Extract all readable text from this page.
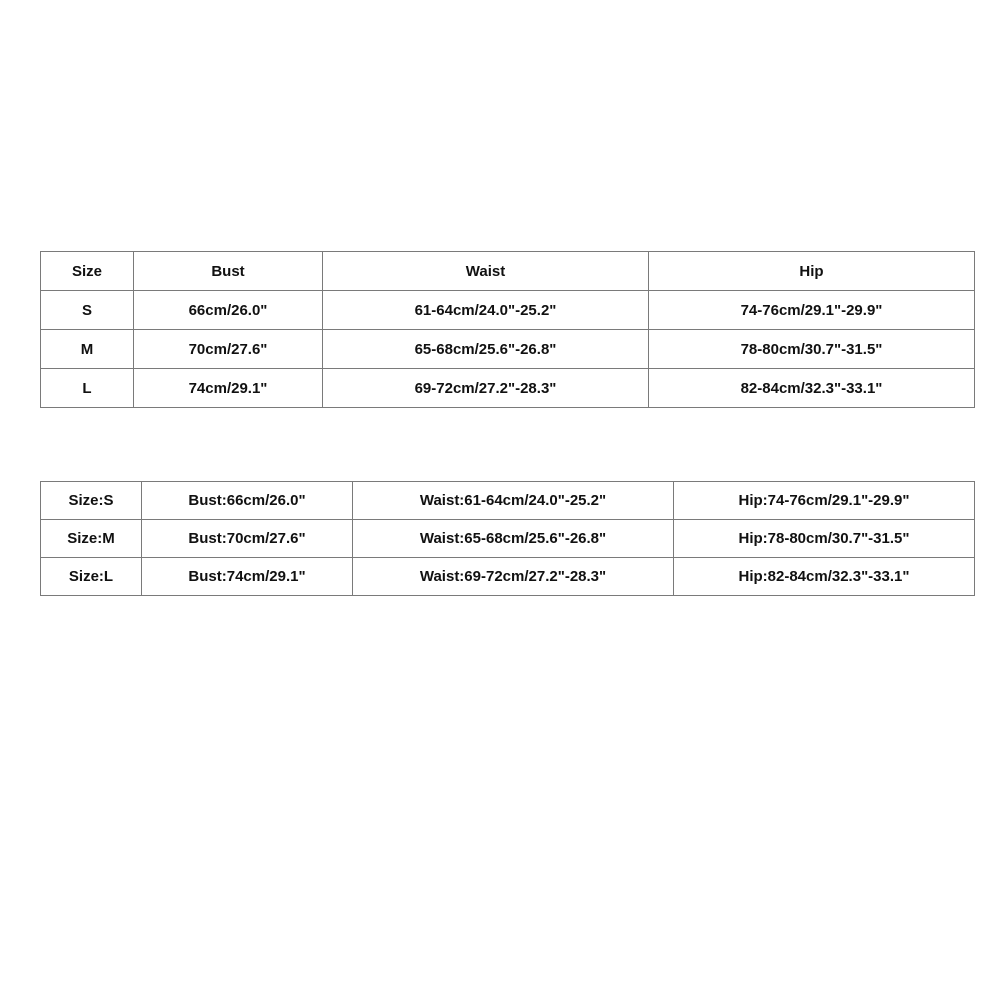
Size	Bust	Waist	Hip
S	66cm/26.0"	61-64cm/24.0"-25.2"	74-76cm/29.1"-29.9"
M	70cm/27.6"	65-68cm/25.6"-26.8"	78-80cm/30.7"-31.5"
L	74cm/29.1"	69-72cm/27.2"-28.3"	82-84cm/32.3"-33.1"
Size:S	Bust:66cm/26.0"	Waist:61-64cm/24.0"-25.2"	Hip:74-76cm/29.1"-29.9"
Size:M	Bust:70cm/27.6"	Waist:65-68cm/25.6"-26.8"	Hip:78-80cm/30.7"-31.5"
Size:L	Bust:74cm/29.1"	Waist:69-72cm/27.2"-28.3"	Hip:82-84cm/32.3"-33.1"
